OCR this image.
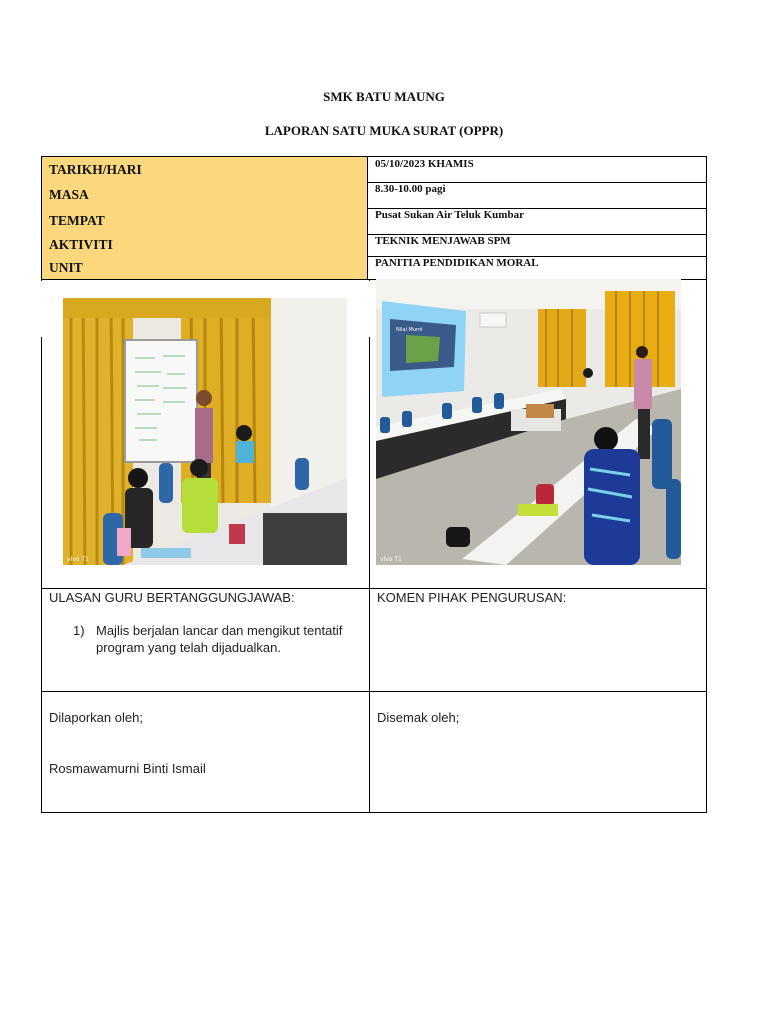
SMK BATU MAUNG
LAPORAN SATU MUKA SURAT (OPPR)
TARIKH/HARI	05/10/2023 KHAMIS
MASA	8.30-10.00 pagi
TEMPAT	Pusat Sukan Air Teluk Kumbar
AKTIVITI	TEKNIK MENJAWAB SPM
UNIT	PANITIA PENDIDIKAN MORAL
vivo T1
Nilai Murni
vivo T1
ULASAN GURU BERTANGGUNGJAWAB:
1) Majlis berjalan lancar dan mengikut tentatif program yang telah dijadualkan.
KOMEN PIHAK PENGURUSAN:
Dilaporkan oleh;
Rosmawamurni Binti Ismail
Disemak oleh;
